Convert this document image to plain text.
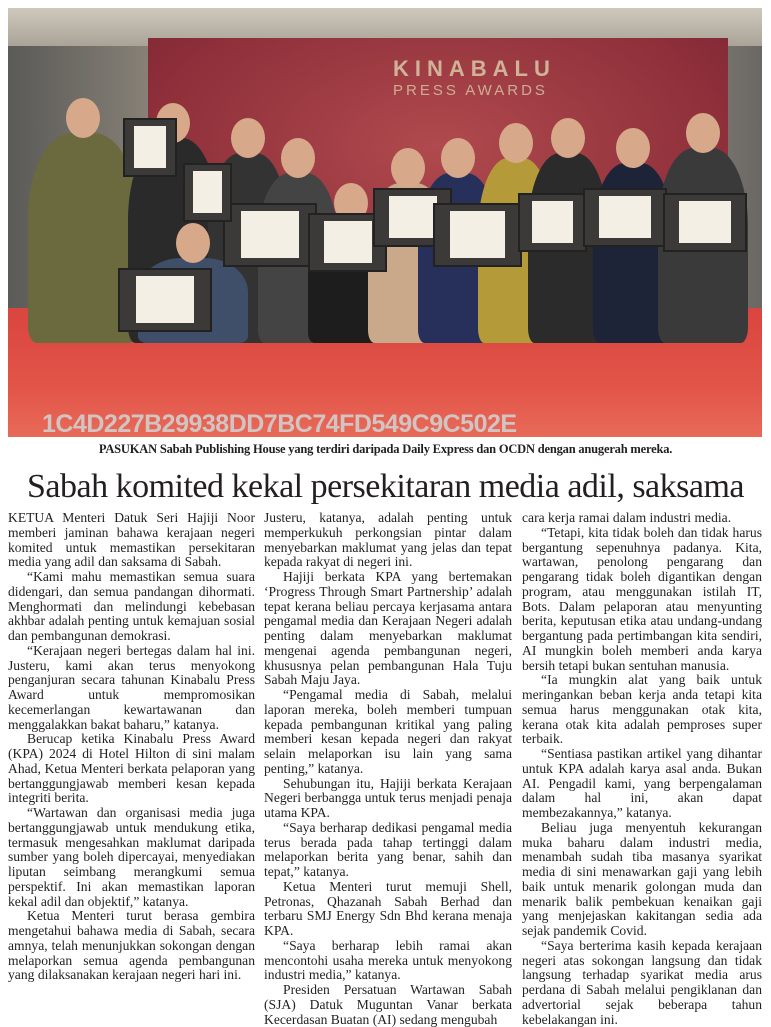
KINABALU
PRESS AWARDS
1C4D227B29938DD7BC74FD549C9C502E
PASUKAN Sabah Publishing House yang terdiri daripada Daily Express dan OCDN dengan anugerah mereka.
Sabah komited kekal persekitaran media adil, saksama

KETUA Menteri Datuk Seri Hajiji Noor memberi jaminan bahawa kerajaan negeri komited untuk memastikan persekitaran media yang adil dan saksama di Sabah.

“Kami mahu memastikan semua suara didengari, dan semua pandangan dihormati. Menghormati dan melindungi kebebasan akhbar adalah penting untuk kemajuan sosial dan pembangunan demokrasi.

“Kerajaan negeri bertegas dalam hal ini. Justeru, kami akan terus menyokong penganjuran secara tahunan Kinabalu Press Award untuk mempromosikan kecemerlangan kewartawanan dan menggalakkan bakat baharu,” katanya.

Berucap ketika Kinabalu Press Award (KPA) 2024 di Hotel Hilton di sini malam Ahad, Ketua Menteri berkata pelaporan yang bertanggungjawab memberi kesan kepada integriti berita.

“Wartawan dan organisasi media juga bertanggungjawab untuk mendukung etika, termasuk mengesahkan maklumat daripada sumber yang boleh dipercayai, menyediakan liputan seimbang merangkumi semua perspektif. Ini akan memastikan laporan kekal adil dan objektif,” katanya.

Ketua Menteri turut berasa gembira mengetahui bahawa media di Sabah, secara amnya, telah menunjukkan sokongan dengan melaporkan semua agenda pembangunan yang dilaksanakan kerajaan negeri hari ini.

Justeru, katanya, adalah penting untuk memperkukuh perkongsian pintar dalam menyebarkan maklumat yang jelas dan tepat kepada rakyat di negeri ini.

Hajiji berkata KPA yang bertemakan ‘Progress Through Smart Partnership’ adalah tepat kerana beliau percaya kerjasama antara pengamal media dan Kerajaan Negeri adalah penting dalam menyebarkan maklumat mengenai agenda pembangunan negeri, khususnya pelan pembangunan Hala Tuju Sabah Maju Jaya.

“Pengamal media di Sabah, melalui laporan mereka, boleh memberi tumpuan kepada pembangunan kritikal yang paling memberi kesan kepada negeri dan rakyat selain melaporkan isu lain yang sama penting,” katanya.

Sehubungan itu, Hajiji berkata Kerajaan Negeri berbangga untuk terus menjadi penaja utama KPA.

“Saya berharap dedikasi pengamal media terus berada pada tahap tertinggi dalam melaporkan berita yang benar, sahih dan tepat,” katanya.

Ketua Menteri turut memuji Shell, Petronas, Qhazanah Sabah Berhad dan terbaru SMJ Energy Sdn Bhd kerana menaja KPA.

“Saya berharap lebih ramai akan mencontohi usaha mereka untuk menyokong industri media,” katanya.

Presiden Persatuan Wartawan Sabah (SJA) Datuk Muguntan Vanar berkata Kecerdasan Buatan (AI) sedang mengubah

cara kerja ramai dalam industri media.

“Tetapi, kita tidak boleh dan tidak harus bergantung sepenuhnya padanya. Kita, wartawan, penolong pengarang dan pengarang tidak boleh digantikan dengan program, atau menggunakan istilah IT, Bots. Dalam pelaporan atau menyunting berita, keputusan etika atau undang-undang bergantung pada pertimbangan kita sendiri, AI mungkin boleh memberi anda karya bersih tetapi bukan sentuhan manusia.

“Ia mungkin alat yang baik untuk meringankan beban kerja anda tetapi kita semua harus menggunakan otak kita, kerana otak kita adalah pemproses super terbaik.

“Sentiasa pastikan artikel yang dihantar untuk KPA adalah karya asal anda. Bukan AI. Pengadil kami, yang berpengalaman dalam hal ini, akan dapat membezakannya,” katanya.

Beliau juga menyentuh kekurangan muka baharu dalam industri media, menambah sudah tiba masanya syarikat media di sini menawarkan gaji yang lebih baik untuk menarik golongan muda dan menarik balik pembekuan kenaikan gaji yang menjejaskan kakitangan sedia ada sejak pandemik Covid.

“Saya berterima kasih kepada kerajaan negeri atas sokongan langsung dan tidak langsung terhadap syarikat media arus perdana di Sabah melalui pengiklanan dan advertorial sejak beberapa tahun kebelakangan ini.
